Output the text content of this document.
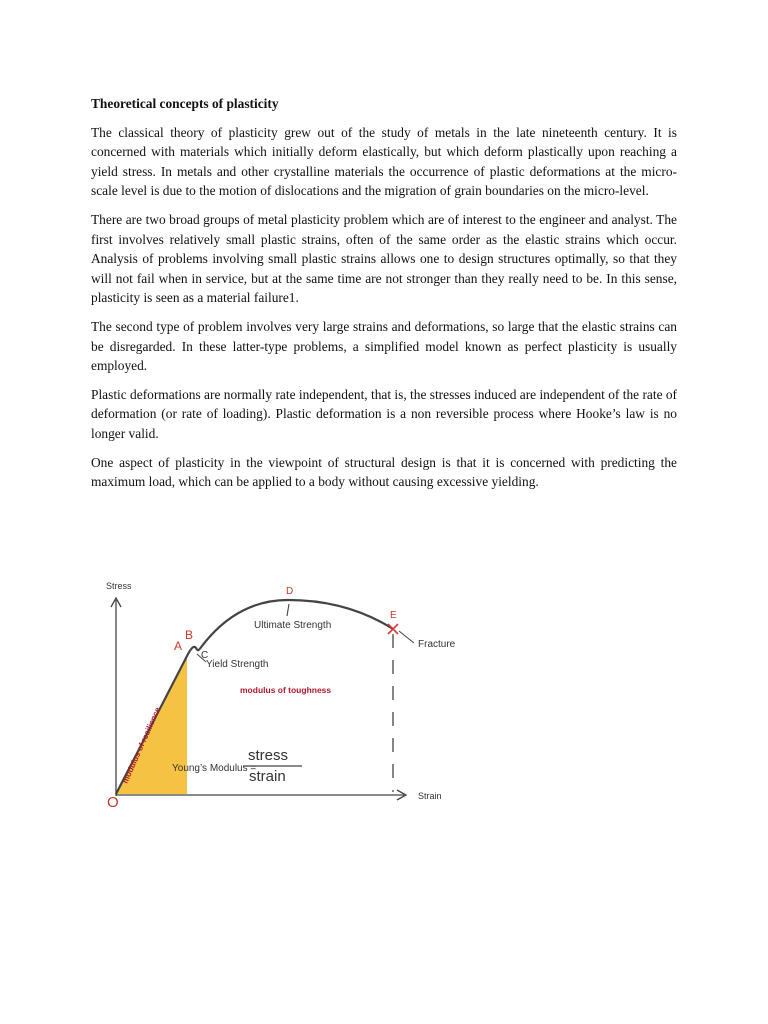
Theoretical concepts of plasticity

The classical theory of plasticity grew out of the study of metals in the late nineteenth century. It is concerned with materials which initially deform elastically, but which deform plastically upon reaching a yield stress. In metals and other crystalline materials the occurrence of plastic deformations at the micro-scale level is due to the motion of dislocations and the migration of grain boundaries on the micro-level.

There are two broad groups of metal plasticity problem which are of interest to the engineer and analyst. The first involves relatively small plastic strains, often of the same order as the elastic strains which occur. Analysis of problems involving small plastic strains allows one to design structures optimally, so that they will not fail when in service, but at the same time are not stronger than they really need to be. In this sense, plasticity is seen as a material failure1.

The second type of problem involves very large strains and deformations, so large that the elastic strains can be disregarded. In these latter-type problems, a simplified model known as perfect plasticity is usually employed.

Plastic deformations are normally rate independent, that is, the stresses induced are independent of the rate of deformation (or rate of loading). Plastic deformation is a non reversible process where Hooke’s law is no longer valid.

One aspect of plasticity in the viewpoint of structural design is that it is concerned with predicting the maximum load, which can be applied to a body without causing excessive yielding.

Stress
Strain
O
A
B
C
D
E
Ultimate Strength
Yield Strength
Fracture
modulus of toughness
modulus of resilience Young’s Modulus =
stress
strain
